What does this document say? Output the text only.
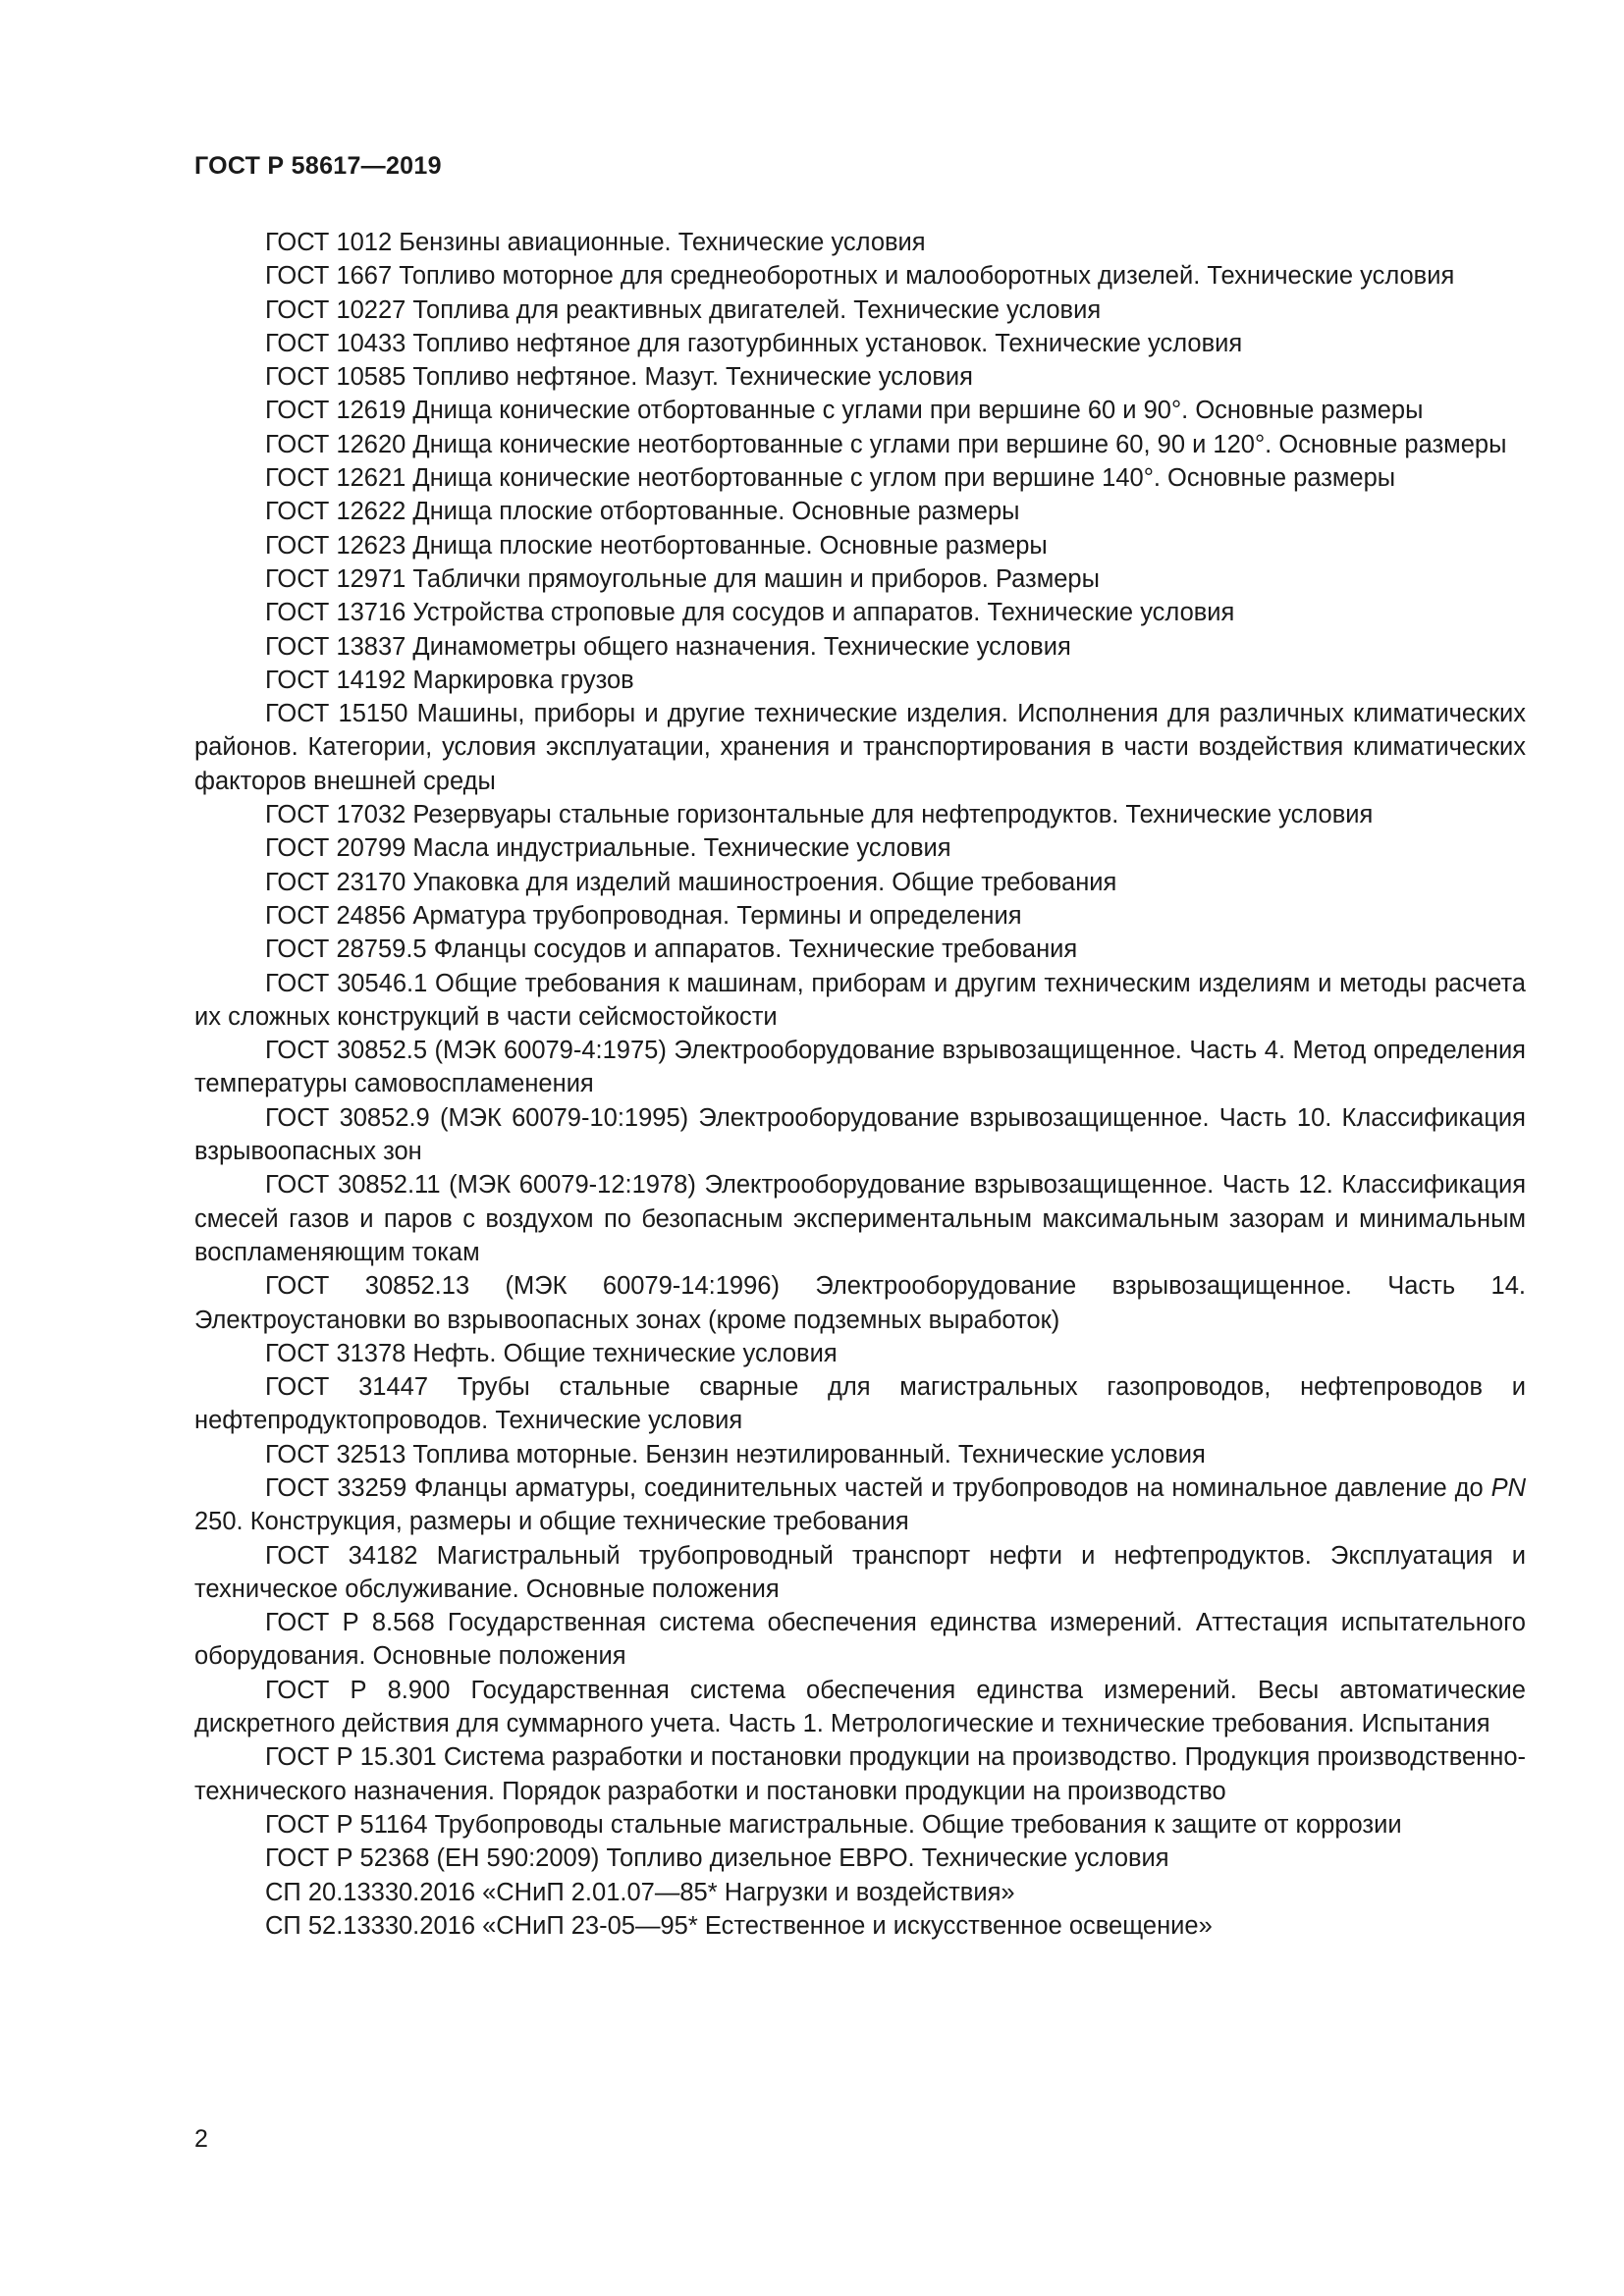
ГОСТ Р 58617—2019

ГОСТ 1012 Бензины авиационные. Технические условия

ГОСТ 1667 Топливо моторное для среднеоборотных и малооборотных дизелей. Технические условия

ГОСТ 10227 Топлива для реактивных двигателей. Технические условия

ГОСТ 10433 Топливо нефтяное для газотурбинных установок. Технические условия

ГОСТ 10585 Топливо нефтяное. Мазут. Технические условия

ГОСТ 12619 Днища конические отбортованные с углами при вершине 60 и 90°. Основные размеры

ГОСТ 12620 Днища конические неотбортованные с углами при вершине 60, 90 и 120°. Основные размеры

ГОСТ 12621 Днища конические неотбортованные с углом при вершине 140°. Основные размеры

ГОСТ 12622 Днища плоские отбортованные. Основные размеры

ГОСТ 12623 Днища плоские неотбортованные. Основные размеры

ГОСТ 12971 Таблички прямоугольные для машин и приборов. Размеры

ГОСТ 13716 Устройства строповые для сосудов и аппаратов. Технические условия

ГОСТ 13837 Динамометры общего назначения. Технические условия

ГОСТ 14192 Маркировка грузов

ГОСТ 15150 Машины, приборы и другие технические изделия. Исполнения для различных климатических районов. Категории, условия эксплуатации, хранения и транспортирования в части воздействия климатических факторов внешней среды

ГОСТ 17032 Резервуары стальные горизонтальные для нефтепродуктов. Технические условия

ГОСТ 20799 Масла индустриальные. Технические условия

ГОСТ 23170 Упаковка для изделий машиностроения. Общие требования

ГОСТ 24856 Арматура трубопроводная. Термины и определения

ГОСТ 28759.5 Фланцы сосудов и аппаратов. Технические требования

ГОСТ 30546.1 Общие требования к машинам, приборам и другим техническим изделиям и методы расчета их сложных конструкций в части сейсмостойкости

ГОСТ 30852.5 (МЭК 60079-4:1975) Электрооборудование взрывозащищенное. Часть 4. Метод определения температуры самовоспламенения

ГОСТ 30852.9 (МЭК 60079-10:1995) Электрооборудование взрывозащищенное. Часть 10. Классификация взрывоопасных зон

ГОСТ 30852.11 (МЭК 60079-12:1978) Электрооборудование взрывозащищенное. Часть 12. Классификация смесей газов и паров с воздухом по безопасным экспериментальным максимальным зазорам и минимальным воспламеняющим токам

ГОСТ 30852.13 (МЭК 60079-14:1996) Электрооборудование взрывозащищенное. Часть 14. Электроустановки во взрывоопасных зонах (кроме подземных выработок)

ГОСТ 31378 Нефть. Общие технические условия

ГОСТ 31447 Трубы стальные сварные для магистральных газопроводов, нефтепроводов и нефтепродуктопроводов. Технические условия

ГОСТ 32513 Топлива моторные. Бензин неэтилированный. Технические условия

ГОСТ 33259 Фланцы арматуры, соединительных частей и трубопроводов на номинальное давление до PN 250. Конструкция, размеры и общие технические требования

ГОСТ 34182 Магистральный трубопроводный транспорт нефти и нефтепродуктов. Эксплуатация и техническое обслуживание. Основные положения

ГОСТ Р 8.568 Государственная система обеспечения единства измерений. Аттестация испытательного оборудования. Основные положения

ГОСТ Р 8.900 Государственная система обеспечения единства измерений. Весы автоматические дискретного действия для суммарного учета. Часть 1. Метрологические и технические требования. Испытания

ГОСТ Р 15.301 Система разработки и постановки продукции на производство. Продукция производственно-технического назначения. Порядок разработки и постановки продукции на производство

ГОСТ Р 51164 Трубопроводы стальные магистральные. Общие требования к защите от коррозии

ГОСТ Р 52368 (ЕН 590:2009) Топливо дизельное ЕВРО. Технические условия

СП 20.13330.2016 «СНиП 2.01.07—85* Нагрузки и воздействия»

СП 52.13330.2016 «СНиП 23-05—95* Естественное и искусственное освещение»

2
